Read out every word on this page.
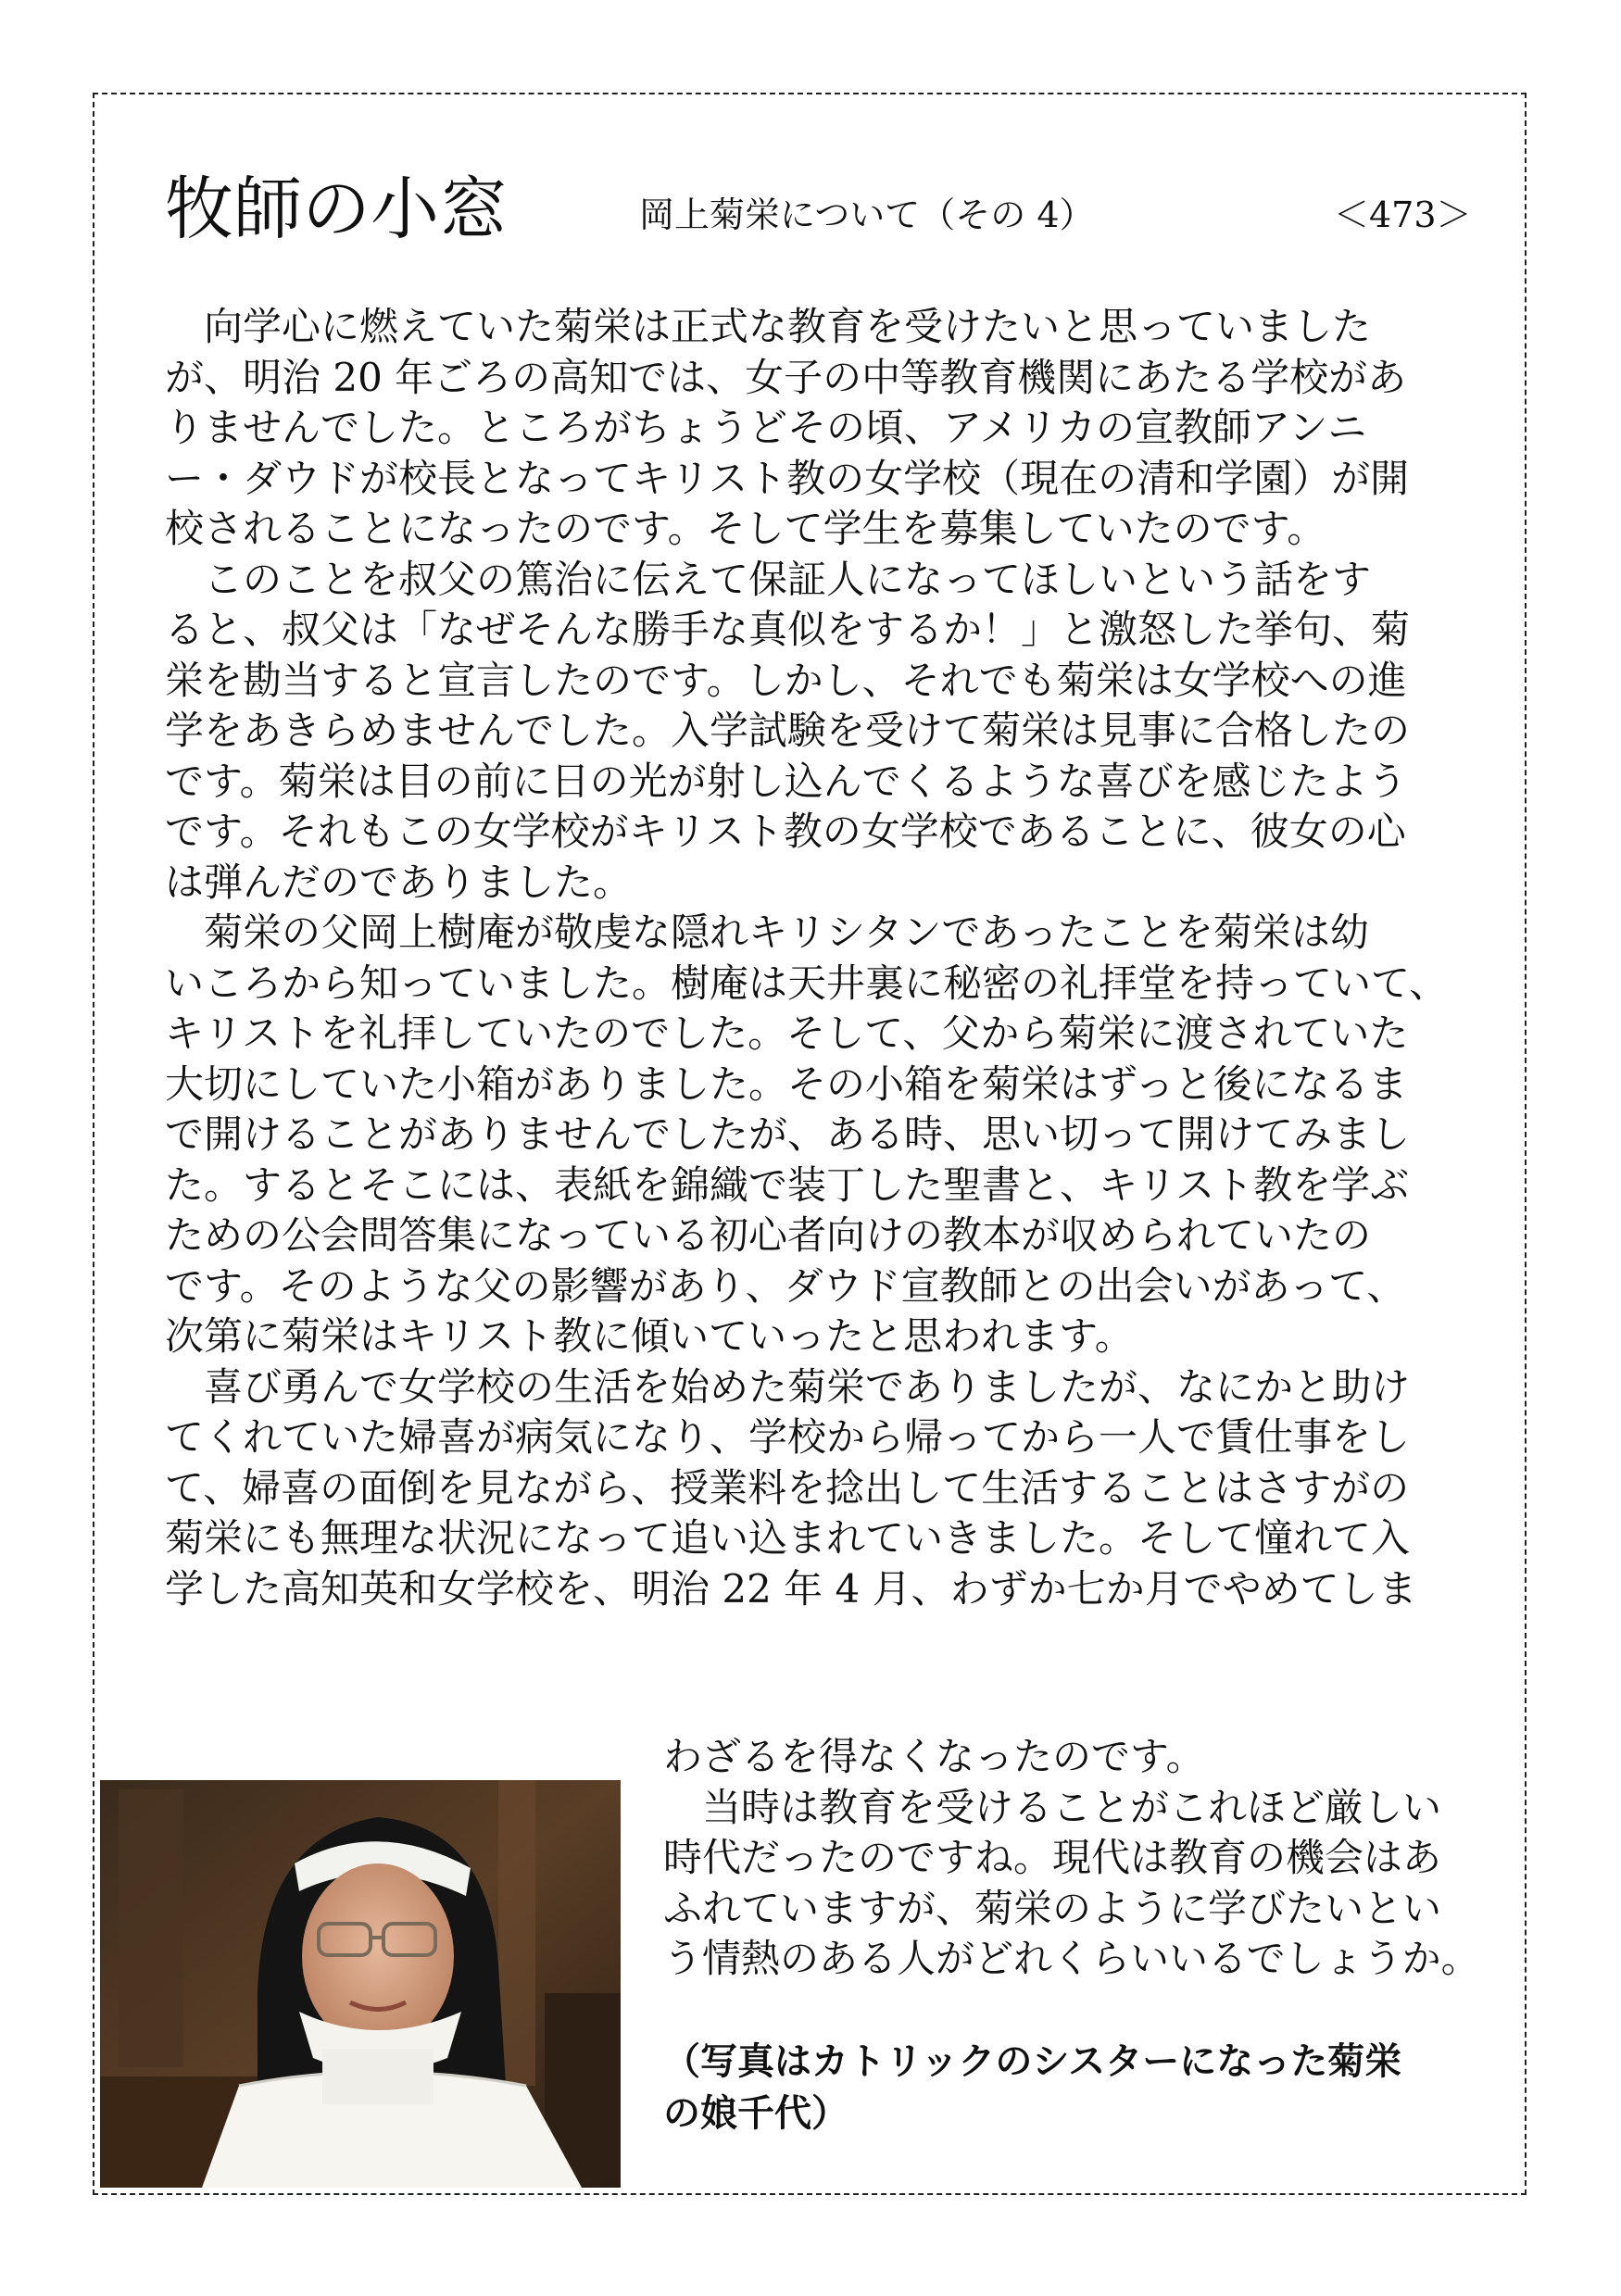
牧師の小窓	岡上菊栄について（その 4）	＜473＞
　向学心に燃えていた菊栄は正式な教育を受けたいと思っていました
が、明治 20 年ごろの高知では、女子の中等教育機関にあたる学校があ
りませんでした。ところがちょうどその頃、アメリカの宣教師アンニ
ー・ダウドが校長となってキリスト教の女学校（現在の清和学園）が開
校されることになったのです。そして学生を募集していたのです。
　このことを叔父の篤治に伝えて保証人になってほしいという話をす
ると、叔父は「なぜそんな勝手な真似をするか！」と激怒した挙句、菊
栄を勘当すると宣言したのです。しかし、それでも菊栄は女学校への進
学をあきらめませんでした。入学試験を受けて菊栄は見事に合格したの
です。菊栄は目の前に日の光が射し込んでくるような喜びを感じたよう
です。それもこの女学校がキリスト教の女学校であることに、彼女の心
は弾んだのでありました。
　菊栄の父岡上樹庵が敬虔な隠れキリシタンであったことを菊栄は幼
いころから知っていました。樹庵は天井裏に秘密の礼拝堂を持っていて、
キリストを礼拝していたのでした。そして、父から菊栄に渡されていた
大切にしていた小箱がありました。その小箱を菊栄はずっと後になるま
で開けることがありませんでしたが、ある時、思い切って開けてみまし
た。するとそこには、表紙を錦織で装丁した聖書と、キリスト教を学ぶ
ための公会問答集になっている初心者向けの教本が収められていたの
です。そのような父の影響があり、ダウド宣教師との出会いがあって、
次第に菊栄はキリスト教に傾いていったと思われます。
　喜び勇んで女学校の生活を始めた菊栄でありましたが、なにかと助け
てくれていた婦喜が病気になり、学校から帰ってから一人で賃仕事をし
て、婦喜の面倒を見ながら、授業料を捻出して生活することはさすがの
菊栄にも無理な状況になって追い込まれていきました。そして憧れて入
学した高知英和女学校を、明治 22 年 4 月、わずか七か月でやめてしま
わざるを得なくなったのです。
　当時は教育を受けることがこれほど厳しい
時代だったのですね。現代は教育の機会はあ
ふれていますが、菊栄のように学びたいとい
う情熱のある人がどれくらいいるでしょうか。
（写真はカトリックのシスターになった菊栄
の娘千代）
